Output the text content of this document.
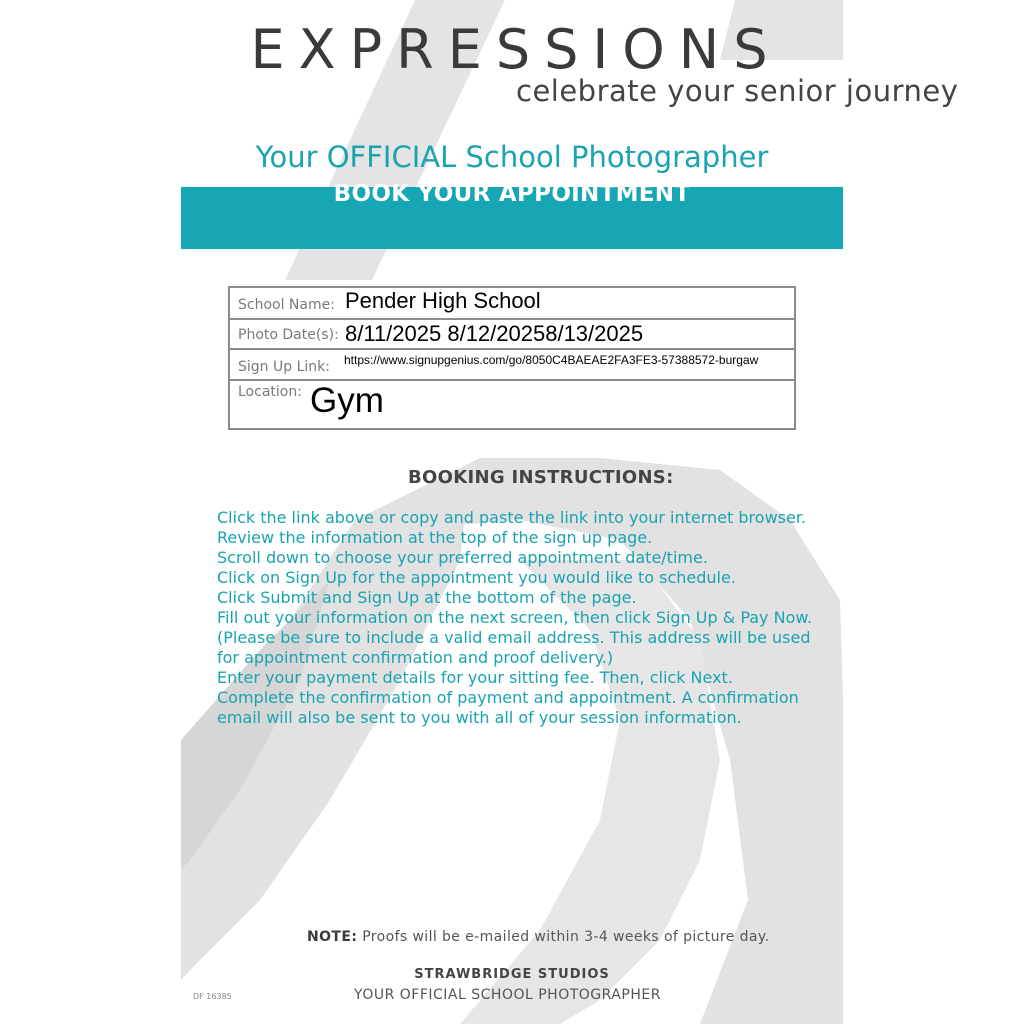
EXPRESSIONS
celebrate your senior journey
Your OFFICIAL School Photographer
BOOK YOUR APPOINTMENT
School Name: Pender High School
Photo Date(s): 8/11/2025 8/12/20258/13/2025
Sign Up Link: https://www.signupgenius.com/go/8050C4BAEAE2FA3FE3-57388572-burgaw
Location: Gym
BOOKING INSTRUCTIONS:
Click the link above or copy and paste the link into your internet browser.
Review the information at the top of the sign up page.
Scroll down to choose your preferred appointment date/time.
Click on Sign Up for the appointment you would like to schedule.
Click Submit and Sign Up at the bottom of the page.
Fill out your information on the next screen, then click Sign Up & Pay Now. (Please be sure to include a valid email address. This address will be used for appointment confirmation and proof delivery.)
Enter your payment details for your sitting fee. Then, click Next.
Complete the confirmation of payment and appointment. A confirmation email will also be sent to you with all of your session information.
NOTE: Proofs will be e-mailed within 3-4 weeks of picture day.
STRAWBRIDGE STUDIOS
YOUR OFFICIAL SCHOOL PHOTOGRAPHER
DF 16385
